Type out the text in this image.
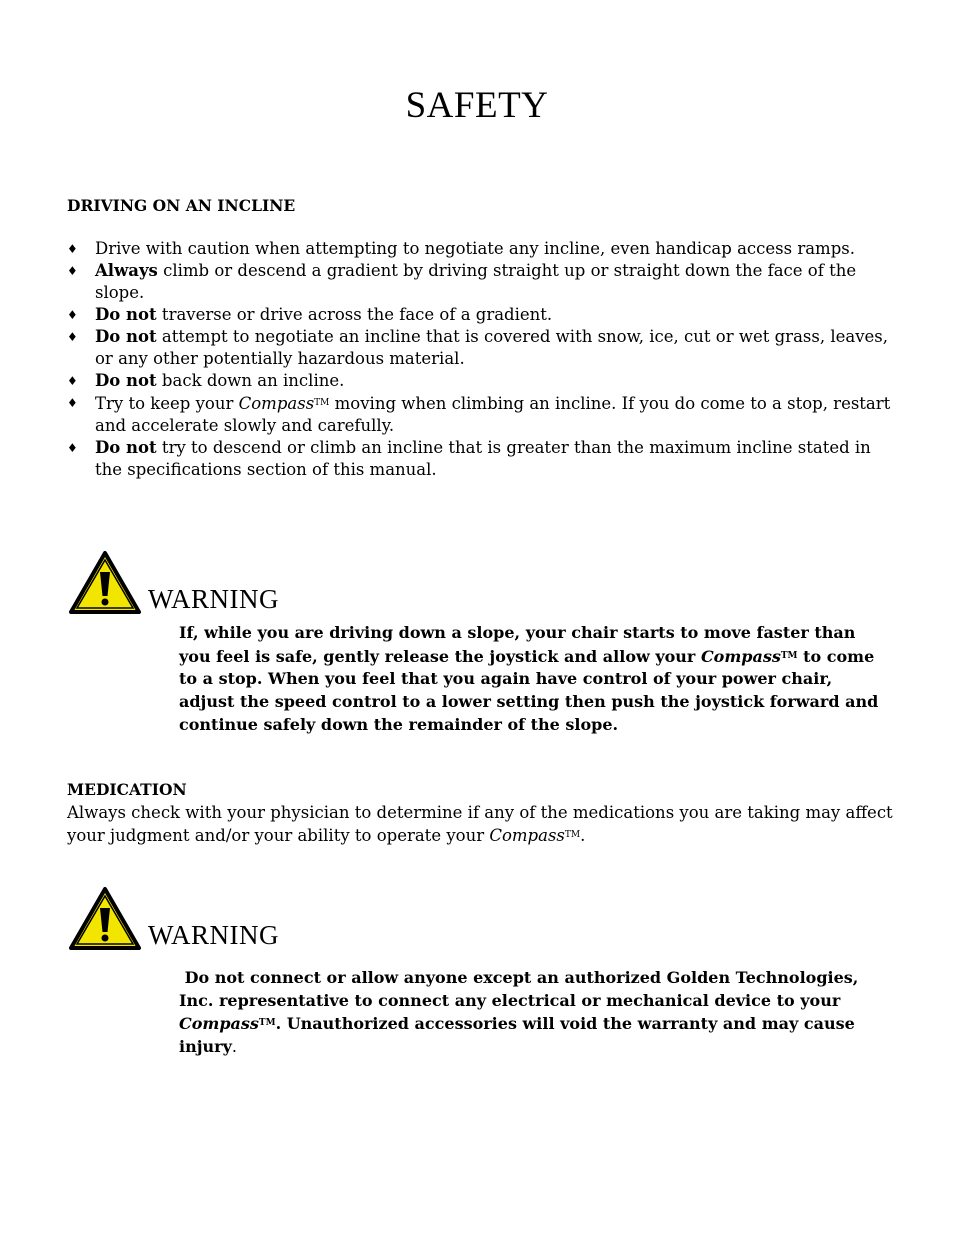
SAFETY
DRIVING ON AN INCLINE
♦ Drive with caution when attempting to negotiate any incline, even handicap access ramps.
♦ Always climb or descend a gradient by driving straight up or straight down the face of the slope.
♦ Do not traverse or drive across the face of a gradient.
♦ Do not attempt to negotiate an incline that is covered with snow, ice, cut or wet grass, leaves, or any other potentially hazardous material.
♦ Do not back down an incline.
♦ Try to keep your Compass™ moving when climbing an incline. If you do come to a stop, restart and accelerate slowly and carefully.
♦ Do not try to descend or climb an incline that is greater than the maximum incline stated in the specifications section of this manual.
WARNING
If, while you are driving down a slope, your chair starts to move faster than you feel is safe, gently release the joystick and allow your Compass™ to come to a stop. When you feel that you again have control of your power chair, adjust the speed control to a lower setting then push the joystick forward and continue safely down the remainder of the slope.
MEDICATION
Always check with your physician to determine if any of the medications you are taking may affect your judgment and/or your ability to operate your Compass™.
WARNING
Do not connect or allow anyone except an authorized Golden Technologies, Inc. representative to connect any electrical or mechanical device to your Compass™. Unauthorized accessories will void the warranty and may cause injury.
